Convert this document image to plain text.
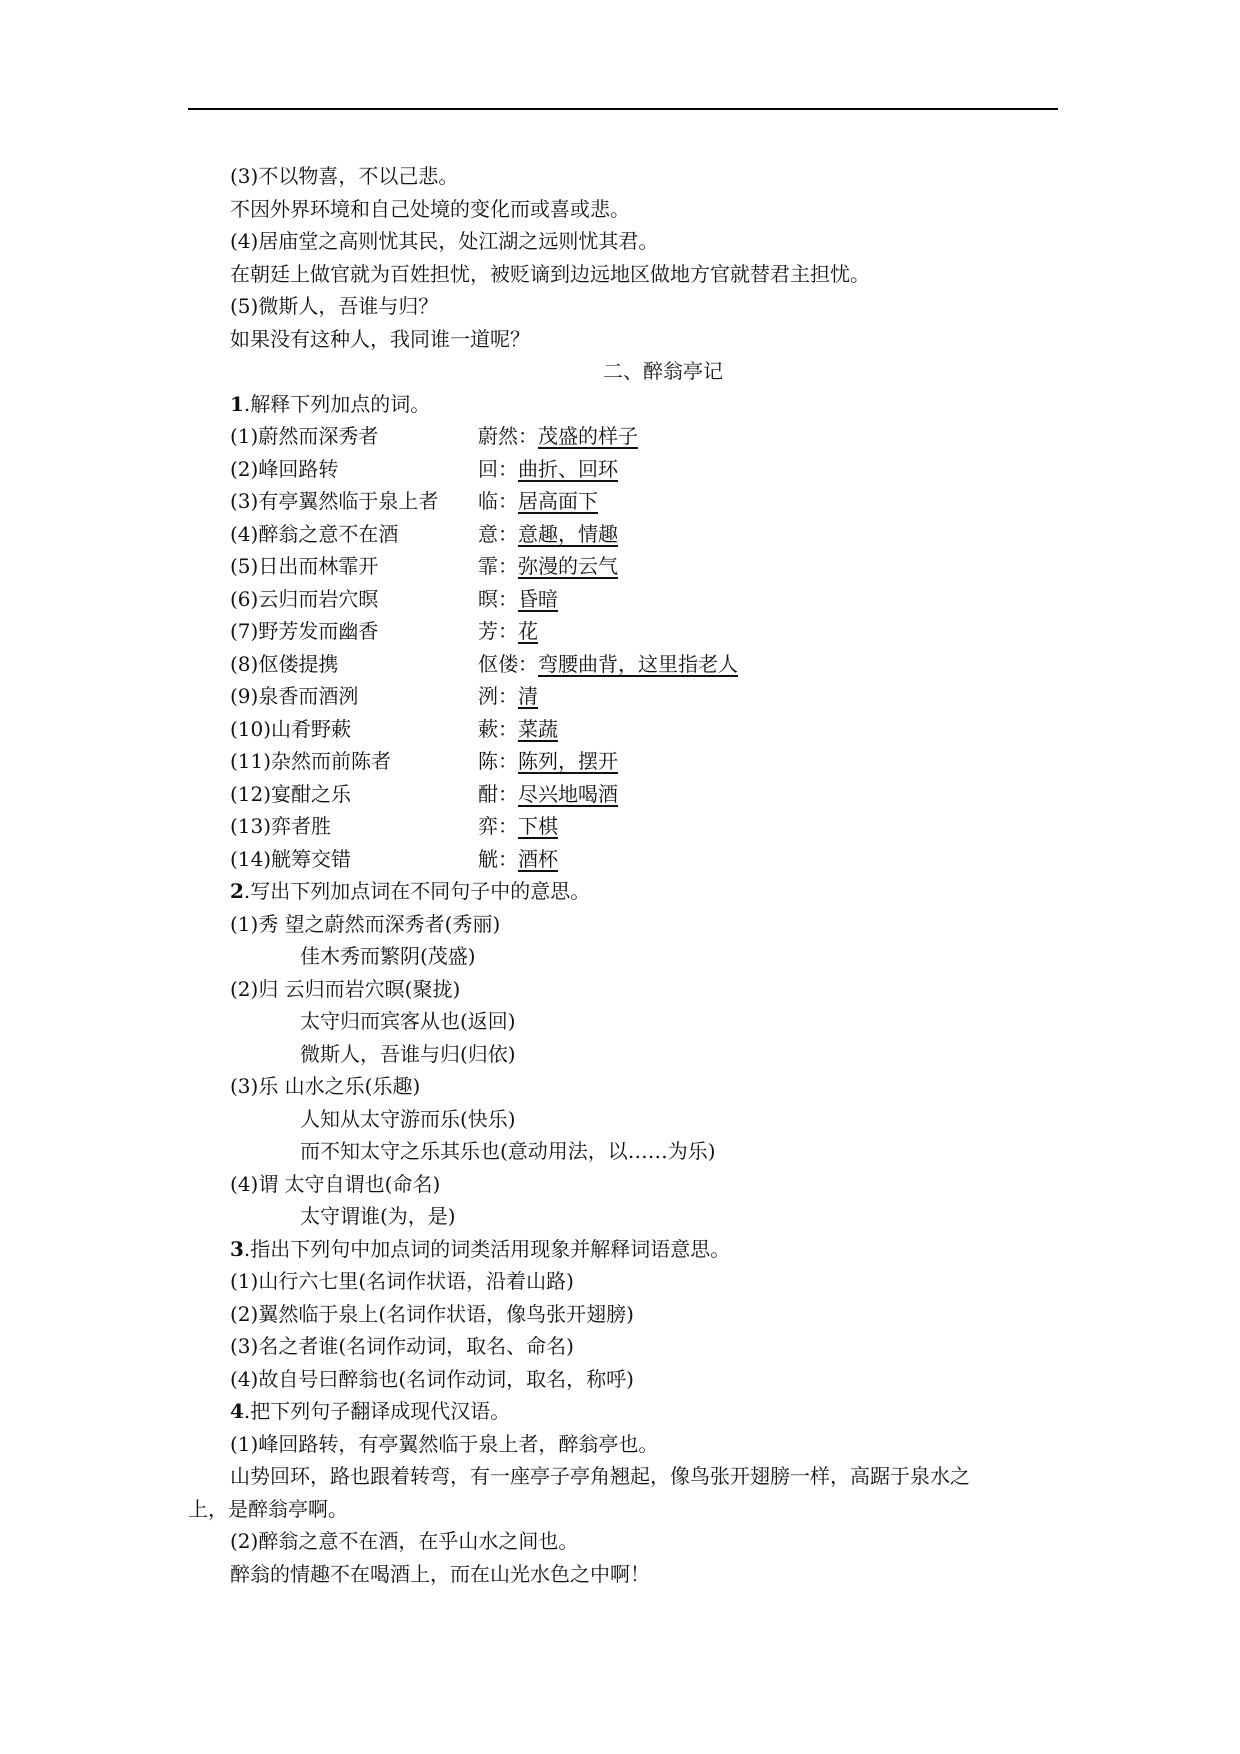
(3)不以物喜，不以己悲。
不因外界环境和自己处境的变化而或喜或悲。
(4)居庙堂之高则忧其民，处江湖之远则忧其君。
在朝廷上做官就为百姓担忧，被贬谪到边远地区做地方官就替君主担忧。
(5)微斯人，吾谁与归？
如果没有这种人，我同谁一道呢？
二、醉翁亭记
1.解释下列加点的词。
(1)蔚然而深秀者	蔚然： 茂盛的样子
(2)峰回路转	回： 曲折、回环
(3)有亭翼然临于泉上者	临： 居高面下
(4)醉翁之意不在酒	意： 意趣，情趣
(5)日出而林霏开	霏： 弥漫的云气
(6)云归而岩穴暝	暝： 昏暗
(7)野芳发而幽香	芳： 花
(8)伛偻提携	伛偻： 弯腰曲背，这里指老人
(9)泉香而酒洌	洌： 清
(10)山肴野蔌	蔌： 菜蔬
(11)杂然而前陈者	陈： 陈列，摆开
(12)宴酣之乐	酣： 尽兴地喝酒
(13)弈者胜	弈： 下棋
(14)觥筹交错	觥： 酒杯
2.写出下列加点词在不同句子中的意思。
(1)秀 望之蔚然而深秀者(秀丽)
佳木秀而繁阴(茂盛)
(2)归 云归而岩穴暝(聚拢)
太守归而宾客从也(返回)
微斯人，吾谁与归(归依)
(3)乐 山水之乐(乐趣)
人知从太守游而乐(快乐)
而不知太守之乐其乐也(意动用法，以……为乐)
(4)谓 太守自谓也(命名)
太守谓谁(为，是)
3.指出下列句中加点词的词类活用现象并解释词语意思。
(1)山行六七里(名词作状语，沿着山路)
(2)翼然临于泉上(名词作状语，像鸟张开翅膀)
(3)名之者谁(名词作动词，取名、命名)
(4)故自号曰醉翁也(名词作动词，取名，称呼)
4.把下列句子翻译成现代汉语。
(1)峰回路转，有亭翼然临于泉上者，醉翁亭也。
山势回环，路也跟着转弯，有一座亭子亭角翘起，像鸟张开翅膀一样，高踞于泉水之
上，是醉翁亭啊。
(2)醉翁之意不在酒，在乎山水之间也。
醉翁的情趣不在喝酒上，而在山光水色之中啊！
